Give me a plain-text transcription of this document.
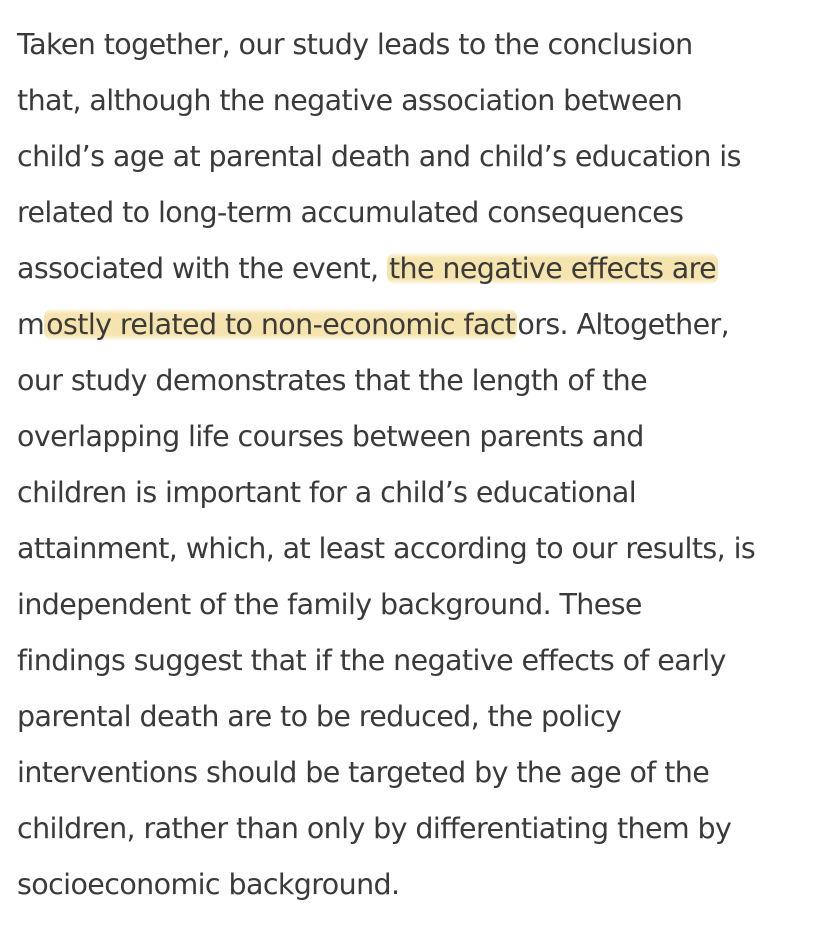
Taken together, our study leads to the conclusion

that, although the negative association between

child’s age at parental death and child’s education is

related to long-term accumulated consequences

associated with the event, the negative effects are

mostly related to non-economic factors. Altogether,

our study demonstrates that the length of the

overlapping life courses between parents and

children is important for a child’s educational

attainment, which, at least according to our results, is

independent of the family background. These

findings suggest that if the negative effects of early

parental death are to be reduced, the policy

interventions should be targeted by the age of the

children, rather than only by differentiating them by

socioeconomic background.
